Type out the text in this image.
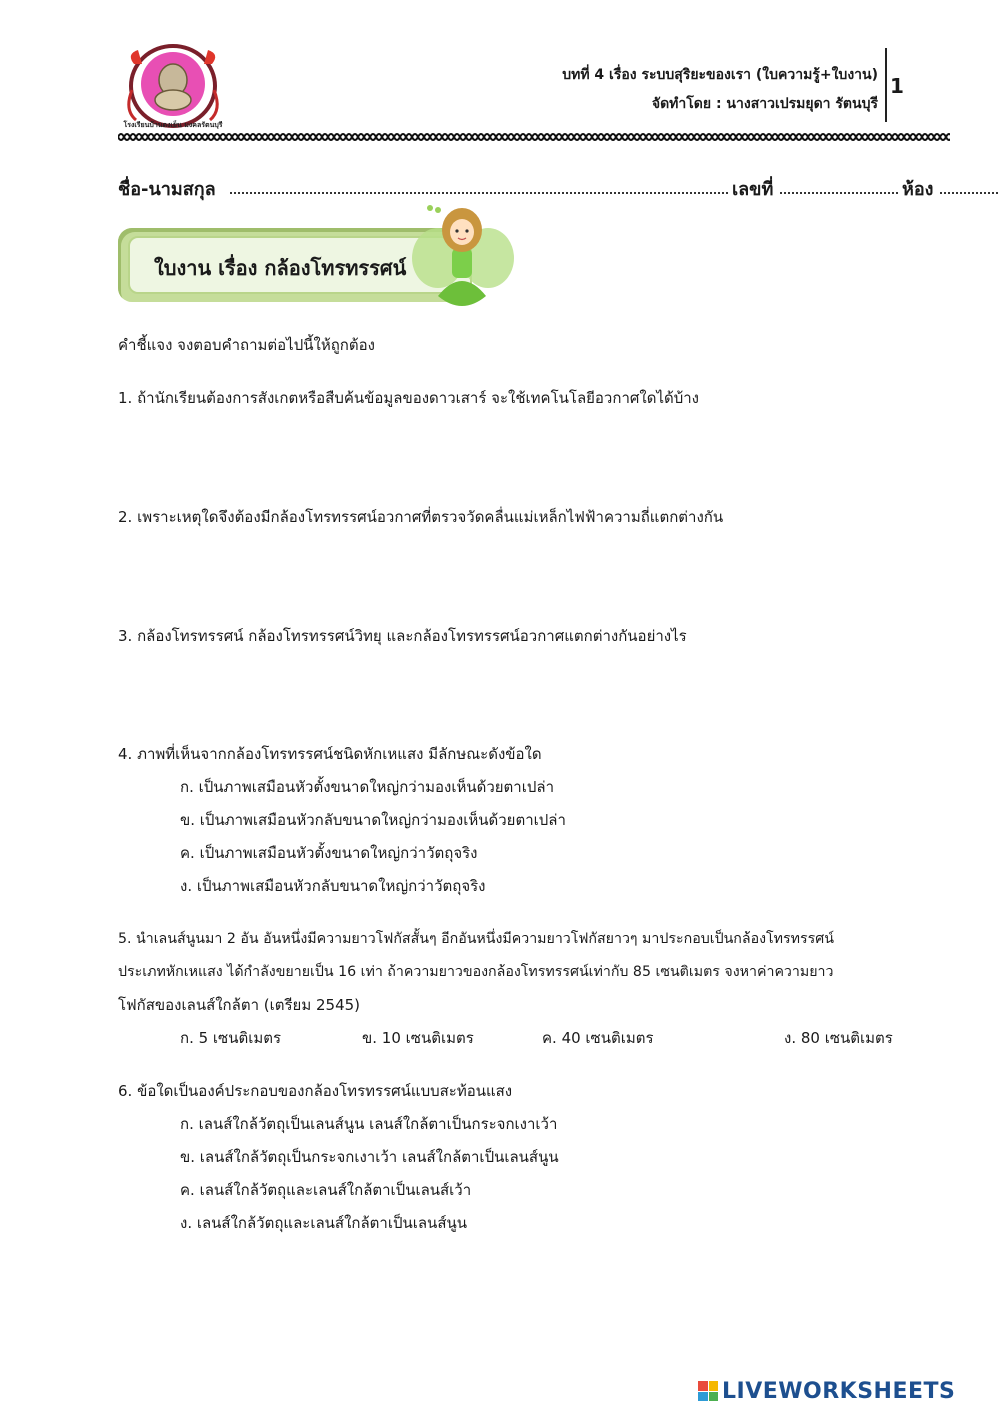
โรงเรียนบ้านดงเย็น มงคลรัตนบุรี
บทที่ 4 เรื่อง ระบบสุริยะของเรา (ใบความรู้+ใบงาน)
จัดทำโดย : นางสาวเปรมยุดา รัตนบุรี
1
ชื่อ-นามสกุล	เลขที่	ห้อง
ใบงาน เรื่อง กล้องโทรทรรศน์
คำชี้แจง จงตอบคำถามต่อไปนี้ให้ถูกต้อง
1. ถ้านักเรียนต้องการสังเกตหรือสืบค้นข้อมูลของดาวเสาร์ จะใช้เทคโนโลยีอวกาศใดได้บ้าง
2. เพราะเหตุใดจึงต้องมีกล้องโทรทรรศน์อวกาศที่ตรวจวัดคลื่นแม่เหล็กไฟฟ้าความถี่แตกต่างกัน
3. กล้องโทรทรรศน์ กล้องโทรทรรศน์วิทยุ และกล้องโทรทรรศน์อวกาศแตกต่างกันอย่างไร
4. ภาพที่เห็นจากกล้องโทรทรรศน์ชนิดหักเหแสง มีลักษณะดังข้อใด
ก. เป็นภาพเสมือนหัวตั้งขนาดใหญ่กว่ามองเห็นด้วยตาเปล่า
ข. เป็นภาพเสมือนหัวกลับขนาดใหญ่กว่ามองเห็นด้วยตาเปล่า
ค. เป็นภาพเสมือนหัวตั้งขนาดใหญ่กว่าวัตถุจริง
ง. เป็นภาพเสมือนหัวกลับขนาดใหญ่กว่าวัตถุจริง
5. นำเลนส์นูนมา 2 อัน อันหนึ่งมีความยาวโฟกัสสั้นๆ อีกอันหนึ่งมีความยาวโฟกัสยาวๆ มาประกอบเป็นกล้องโทรทรรศน์
ประเภทหักเหแสง ได้กำลังขยายเป็น 16 เท่า ถ้าความยาวของกล้องโทรทรรศน์เท่ากับ 85 เซนติเมตร จงหาค่าความยาว
โฟกัสของเลนส์ใกล้ตา (เตรียม 2545)
ก. 5 เซนติเมตร	ข. 10 เซนติเมตร	ค. 40 เซนติเมตร	ง. 80 เซนติเมตร
6. ข้อใดเป็นองค์ประกอบของกล้องโทรทรรศน์แบบสะท้อนแสง
ก. เลนส์ใกล้วัตถุเป็นเลนส์นูน เลนส์ใกล้ตาเป็นกระจกเงาเว้า
ข. เลนส์ใกล้วัตถุเป็นกระจกเงาเว้า เลนส์ใกล้ตาเป็นเลนส์นูน
ค. เลนส์ใกล้วัตถุและเลนส์ใกล้ตาเป็นเลนส์เว้า
ง. เลนส์ใกล้วัตถุและเลนส์ใกล้ตาเป็นเลนส์นูน
LIVEWORKSHEETS
